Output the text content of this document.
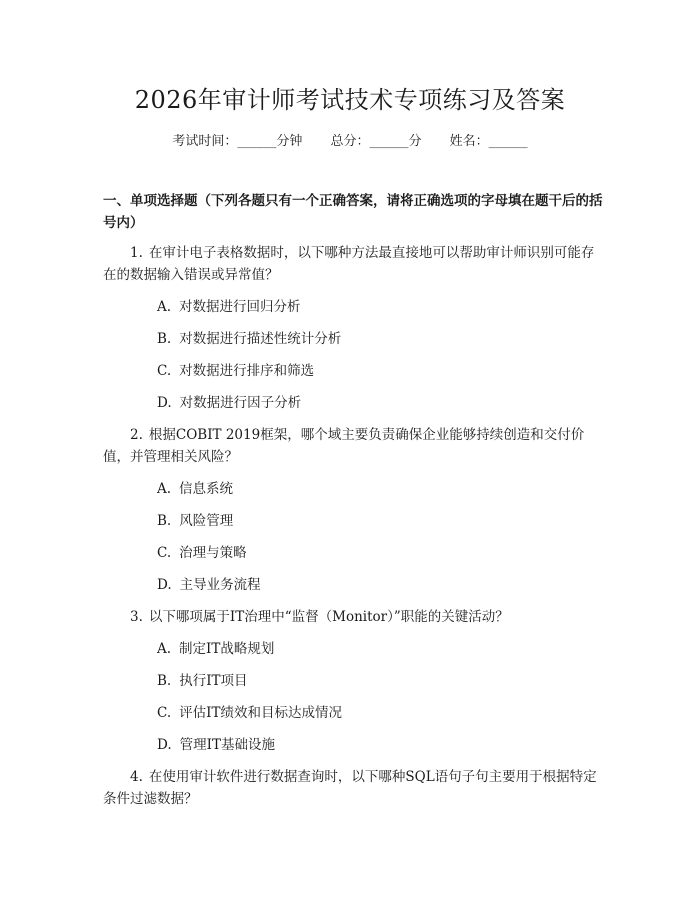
2026年审计师考试技术专项练习及答案
考试时间：______分钟 总分：______分 姓名：______
一、单项选择题（下列各题只有一个正确答案，请将正确选项的字母填在题干后的括号内）

1. 在审计电子表格数据时，以下哪种方法最直接地可以帮助审计师识别可能存在的数据输入错误或异常值？

A. 对数据进行回归分析
B. 对数据进行描述性统计分析
C. 对数据进行排序和筛选
D. 对数据进行因子分析

2. 根据COBIT 2019框架，哪个域主要负责确保企业能够持续创造和交付价值，并管理相关风险？

A. 信息系统
B. 风险管理
C. 治理与策略
D. 主导业务流程

3. 以下哪项属于IT治理中“监督（Monitor）”职能的关键活动？

A. 制定IT战略规划
B. 执行IT项目
C. 评估IT绩效和目标达成情况
D. 管理IT基础设施

4. 在使用审计软件进行数据查询时，以下哪种SQL语句子句主要用于根据特定条件过滤数据？
